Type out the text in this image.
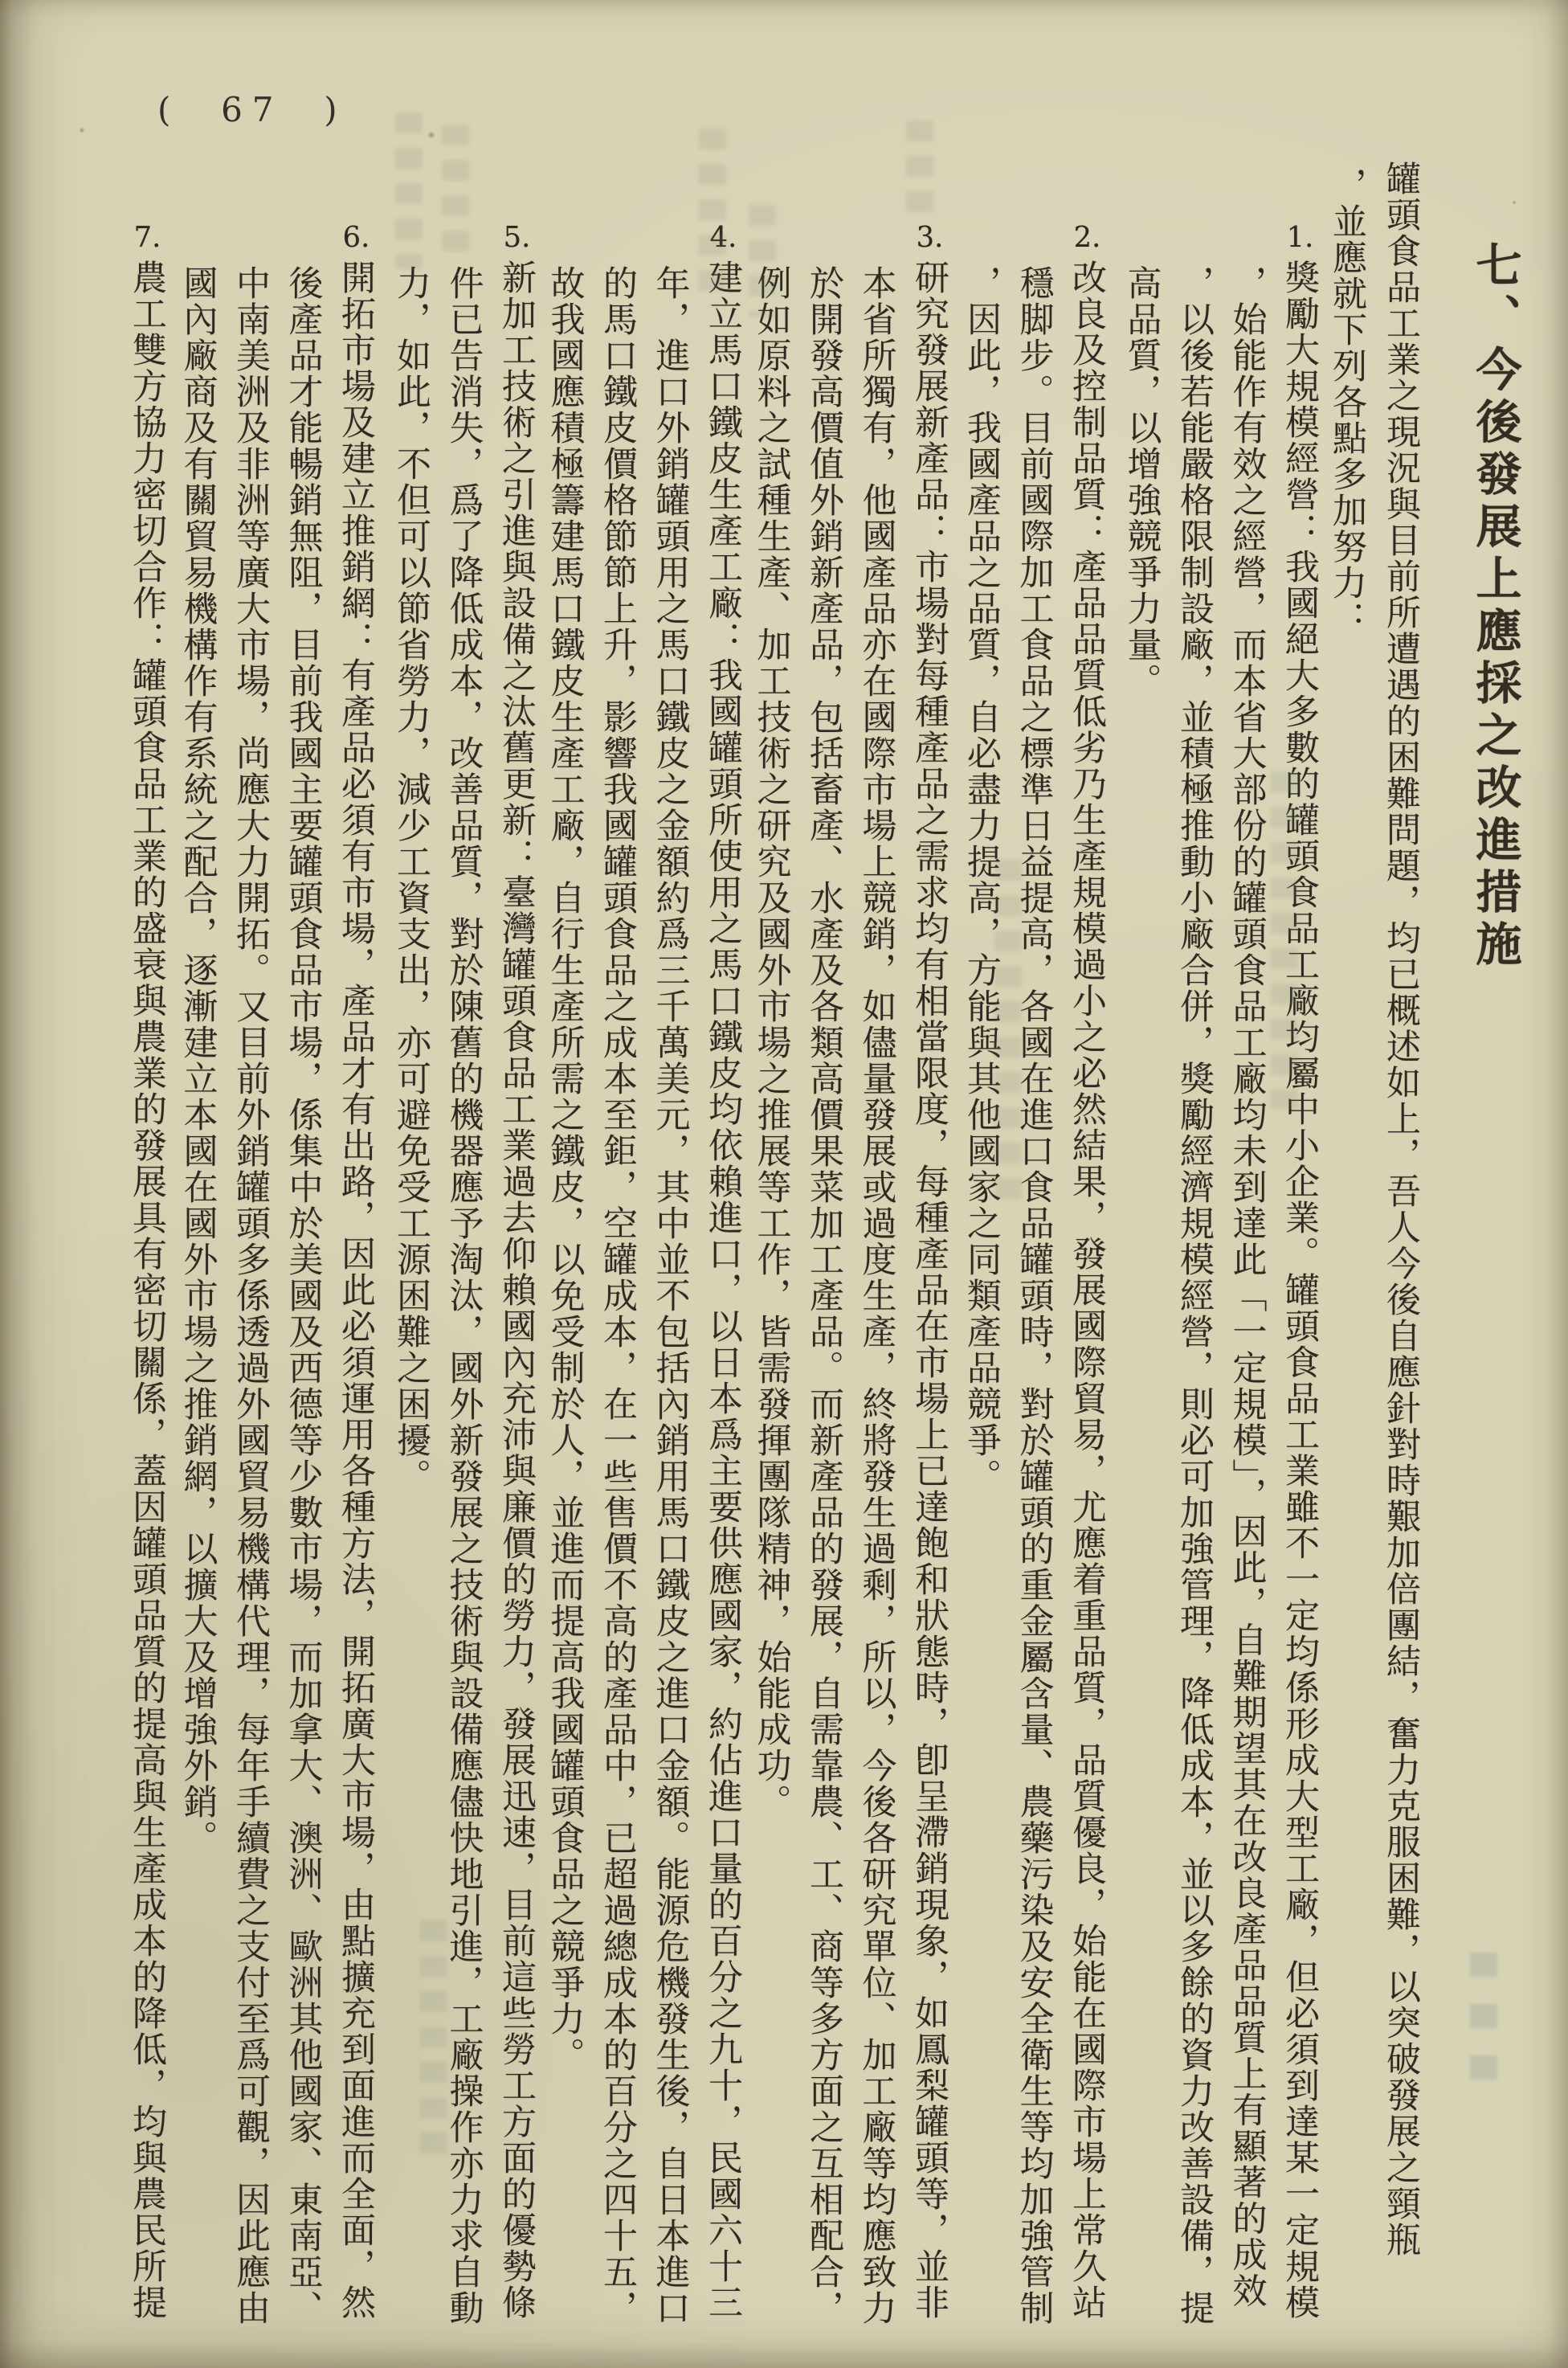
(  67  )
七、今後發展上應採之改進措施
罐頭食品工業之現況與目前所遭遇的困難問題，均已概述如上，吾人今後自應針對時艱加倍團結，奮力克服困難，以突破發展之頸瓶
，並應就下列各點多加努力：
1.獎勵大規模經營：我國絕大多數的罐頭食品工廠均屬中小企業。罐頭食品工業雖不一定均係形成大型工廠，但必須到達某一定規模
，始能作有效之經營，而本省大部份的罐頭食品工廠均未到達此「一定規模」，因此，自難期望其在改良產品品質上有顯著的成效
，以後若能嚴格限制設廠，並積極推動小廠合併，獎勵經濟規模經營，則必可加強管理，降低成本，並以多餘的資力改善設備，提
高品質，以增強競爭力量。
2.改良及控制品質：產品品質低劣乃生產規模過小之必然結果，發展國際貿易，尤應着重品質，品質優良，始能在國際市場上常久站
穩脚步。目前國際加工食品之標準日益提高，各國在進口食品罐頭時，對於罐頭的重金屬含量、農藥污染及安全衛生等均加強管制
，因此，我國產品之品質，自必盡力提高，方能與其他國家之同類產品競爭。
3.研究發展新產品：市場對每種產品之需求均有相當限度，每種產品在市場上已達飽和狀態時，卽呈滯銷現象，如鳳梨罐頭等，並非
本省所獨有，他國產品亦在國際市場上競銷，如儘量發展或過度生產，終將發生過剩，所以，今後各研究單位、加工廠等均應致力
於開發高價值外銷新產品，包括畜產、水產及各類高價果菜加工產品。而新產品的發展，自需靠農、工、商等多方面之互相配合，
例如原料之試種生產、加工技術之研究及國外市場之推展等工作，皆需發揮團隊精神，始能成功。
4.建立馬口鐵皮生產工廠：我國罐頭所使用之馬口鐵皮均依賴進口，以日本爲主要供應國家，約佔進口量的百分之九十，民國六十三
年，進口外銷罐頭用之馬口鐵皮之金額約爲三千萬美元，其中並不包括內銷用馬口鐵皮之進口金額。能源危機發生後，自日本進口
的馬口鐵皮價格節節上升，影響我國罐頭食品之成本至鉅，空罐成本，在一些售價不高的產品中，已超過總成本的百分之四十五，
故我國應積極籌建馬口鐵皮生產工廠，自行生產所需之鐵皮，以免受制於人，並進而提高我國罐頭食品之競爭力。
5.新加工技術之引進與設備之汰舊更新：臺灣罐頭食品工業過去仰賴國內充沛與廉價的勞力，發展迅速，目前這些勞工方面的優勢條
件已告消失，爲了降低成本，改善品質，對於陳舊的機器應予淘汰，國外新發展之技術與設備應儘快地引進，工廠操作亦力求自動
力，如此，不但可以節省勞力，減少工資支出，亦可避免受工源困難之困擾。
6.開拓市場及建立推銷網：有產品必須有市場，產品才有出路，因此必須運用各種方法，開拓廣大市場，由點擴充到面進而全面，然
後產品才能暢銷無阻，目前我國主要罐頭食品市場，係集中於美國及西德等少數市場，而加拿大、澳洲、歐洲其他國家、東南亞、
中南美洲及非洲等廣大市場，尚應大力開拓。又目前外銷罐頭多係透過外國貿易機構代理，每年手續費之支付至爲可觀，因此應由
國內廠商及有關貿易機構作有系統之配合，逐漸建立本國在國外市場之推銷網，以擴大及增強外銷。
7.農工雙方協力密切合作：罐頭食品工業的盛衰與農業的發展具有密切關係，蓋因罐頭品質的提高與生產成本的降低，均與農民所提
